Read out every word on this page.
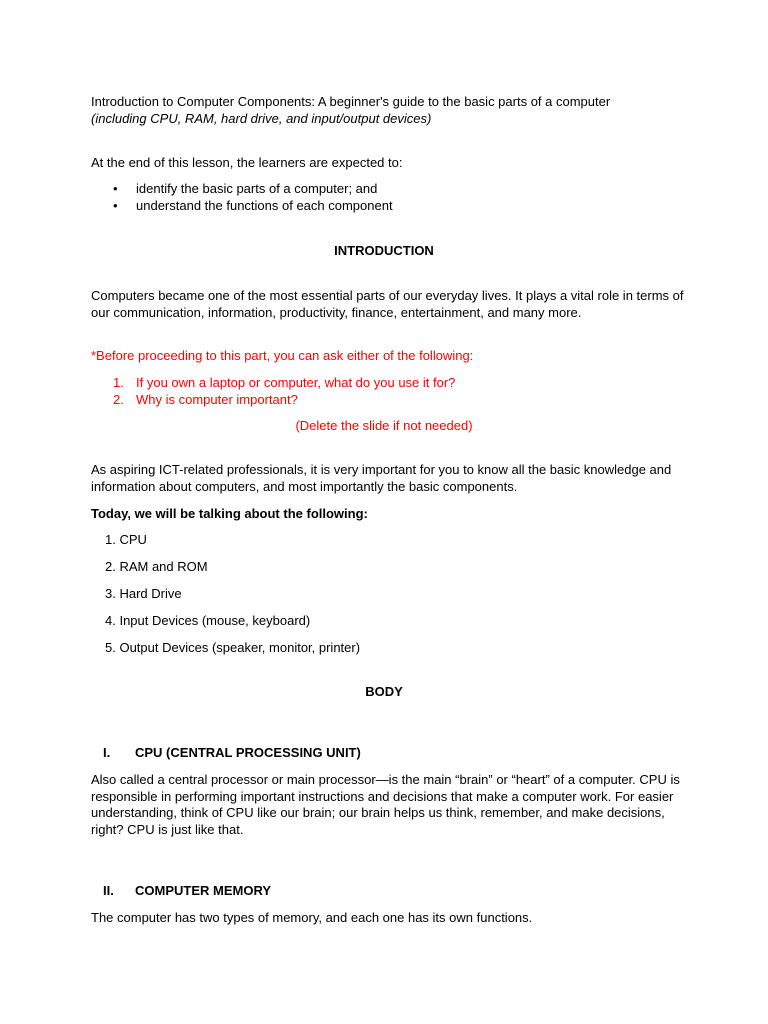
Introduction to Computer Components: A beginner's guide to the basic parts of a computer
(including CPU, RAM, hard drive, and input/output devices)

At the end of this lesson, the learners are expected to:

• identify the basic parts of a computer; and
• understand the functions of each component
INTRODUCTION

Computers became one of the most essential parts of our everyday lives. It plays a vital role in terms of our communication, information, productivity, finance, entertainment, and many more.

*Before proceeding to this part, you can ask either of the following:

1. If you own a laptop or computer, what do you use it for?
2. Why is computer important?
(Delete the slide if not needed)

As aspiring ICT-related professionals, it is very important for you to know all the basic knowledge and information about computers, and most importantly the basic components.

Today, we will be talking about the following:

1. CPU
2. RAM and ROM
3. Hard Drive
4. Input Devices (mouse, keyboard)
5. Output Devices (speaker, monitor, printer)
BODY
I. CPU (CENTRAL PROCESSING UNIT)

Also called a central processor or main processor—is the main “brain” or “heart” of a computer. CPU is responsible in performing important instructions and decisions that make a computer work. For easier understanding, think of CPU like our brain; our brain helps us think, remember, and make decisions, right? CPU is just like that.

II. COMPUTER MEMORY

The computer has two types of memory, and each one has its own functions.
